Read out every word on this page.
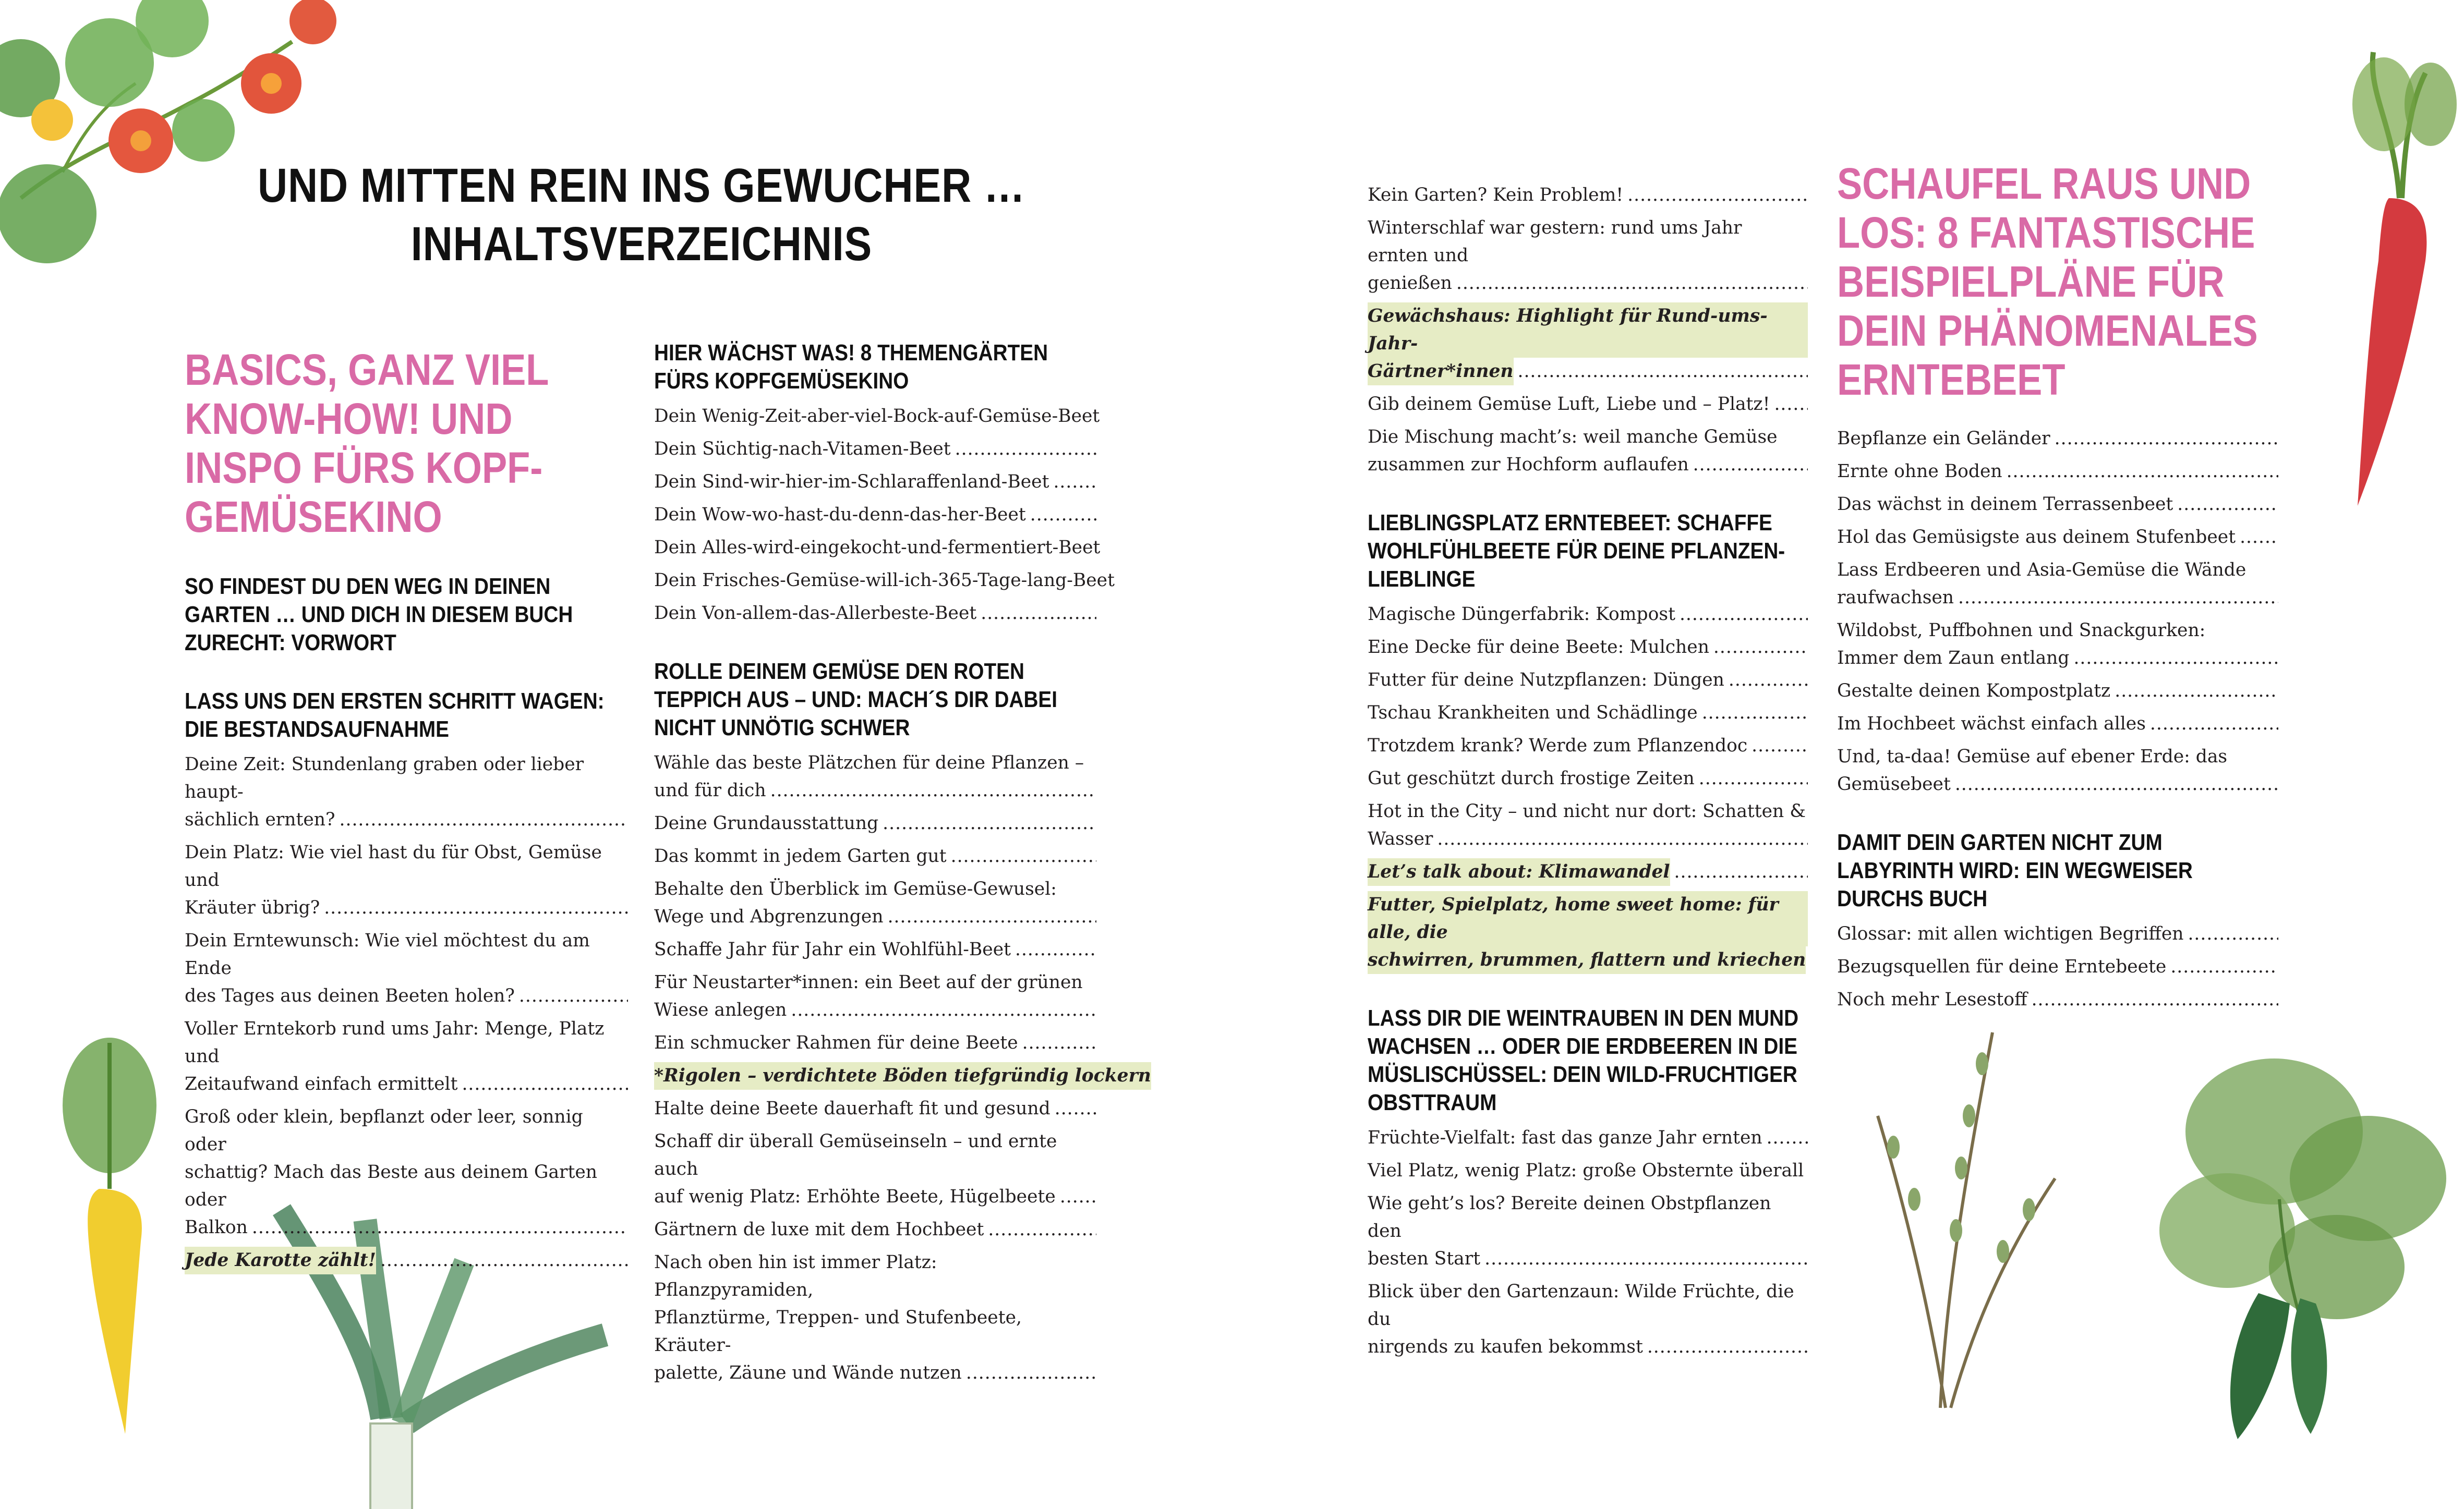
UND MITTEN REIN INS GEWUCHER …
INHALTSVERZEICHNIS
BASICS, GANZ VIEL KNOW-HOW! UND INSPO FÜRS KOPF-GEMÜSEKINO
SO FINDEST DU DEN WEG IN DEINEN GARTEN … UND DICH IN DIESEM BUCH ZURECHT: VORWORT
LASS UNS DEN ERSTEN SCHRITT WAGEN: DIE BESTANDSAUFNAHME
Deine Zeit: Stundenlang graben oder lieber haupt-
sächlich ernten?
.....
Dein Platz: Wie viel hast du für Obst, Gemüse und
Kräuter übrig?
.....
Dein Erntewunsch: Wie viel möchtest du am Ende
des Tages aus deinen Beeten holen?
.....
Voller Erntekorb rund ums Jahr: Menge, Platz und
Zeitaufwand einfach ermittelt
.....
Groß oder klein, bepflanzt oder leer, sonnig oder
schattig? Mach das Beste aus deinem Garten oder
Balkon
.....
Jede Karotte zählt!
.....
HIER WÄCHST WAS! 8 THEMENGÄRTEN FÜRS KOPFGEMÜSEKINO
Dein Wenig-Zeit-aber-viel-Bock-auf-Gemüse-Beet
Dein Süchtig-nach-Vitamen-Beet
.....
Dein Sind-wir-hier-im-Schlaraffenland-Beet
.....
Dein Wow-wo-hast-du-denn-das-her-Beet
.....
Dein Alles-wird-eingekocht-und-fermentiert-Beet
Dein Frisches-Gemüse-will-ich-365-Tage-lang-Beet
Dein Von-allem-das-Allerbeste-Beet
.....
ROLLE DEINEM GEMÜSE DEN ROTEN TEPPICH AUS – UND: MACH´S DIR DABEI NICHT UNNÖTIG SCHWER
Wähle das beste Plätzchen für deine Pflanzen –
und für dich
.....
Deine Grundausstattung
.....
Das kommt in jedem Garten gut
.....
Behalte den Überblick im Gemüse-Gewusel:
Wege und Abgrenzungen
.....
Schaffe Jahr für Jahr ein Wohlfühl-Beet
.....
Für Neustarter*innen: ein Beet auf der grünen
Wiese anlegen
.....
Ein schmucker Rahmen für deine Beete
.....
*Rigolen – verdichtete Böden tiefgründig lockern
Halte deine Beete dauerhaft fit und gesund
.....
Schaff dir überall Gemüseinseln – und ernte auch
auf wenig Platz: Erhöhte Beete, Hügelbeete
.....
Gärtnern de luxe mit dem Hochbeet
.....
Nach oben hin ist immer Platz: Pflanzpyramiden,
Pflanztürme, Treppen- und Stufenbeete, Kräuter-
palette, Zäune und Wände nutzen
.....
Kein Garten? Kein Problem!
.....
Winterschlaf war gestern: rund ums Jahr ernten und
genießen
.....
Gewächshaus: Highlight für Rund-ums-Jahr-
Gärtner*innen
.....
Gib deinem Gemüse Luft, Liebe und – Platz!
.....
Die Mischung macht’s: weil manche Gemüse
zusammen zur Hochform auflaufen
.....
LIEBLINGSPLATZ ERNTEBEET: SCHAFFE WOHLFÜHLBEETE FÜR DEINE PFLANZEN-LIEBLINGE
Magische Düngerfabrik: Kompost
.....
Eine Decke für deine Beete: Mulchen
.....
Futter für deine Nutzpflanzen: Düngen
.....
Tschau Krankheiten und Schädlinge
.....
Trotzdem krank? Werde zum Pflanzendoc
.....
Gut geschützt durch frostige Zeiten
.....
Hot in the City – und nicht nur dort: Schatten &
Wasser
.....
Let’s talk about: Klimawandel
.....
Futter, Spielplatz, home sweet home: für alle, die
schwirren, brummen, flattern und kriechen
LASS DIR DIE WEINTRAUBEN IN DEN MUND WACHSEN … ODER DIE ERDBEEREN IN DIE MÜSLISCHÜSSEL: DEIN WILD-FRUCHTIGER OBSTTRAUM
Früchte-Vielfalt: fast das ganze Jahr ernten
.....
Viel Platz, wenig Platz: große Obsternte überall
Wie geht’s los? Bereite deinen Obstpflanzen den
besten Start
.....
Blick über den Gartenzaun: Wilde Früchte, die du
nirgends zu kaufen bekommst
.....
SCHAUFEL RAUS UND LOS: 8 FANTASTISCHE BEISPIELPLÄNE FÜR DEIN PHÄNOMENALES ERNTEBEET
Bepflanze ein Geländer
.....
Ernte ohne Boden
.....
Das wächst in deinem Terrassenbeet
.....
Hol das Gemüsigste aus deinem Stufenbeet
.....
Lass Erdbeeren und Asia-Gemüse die Wände
raufwachsen
.....
Wildobst, Puffbohnen und Snackgurken:
Immer dem Zaun entlang
.....
Gestalte deinen Kompostplatz
.....
Im Hochbeet wächst einfach alles
.....
Und, ta-daa! Gemüse auf ebener Erde: das
Gemüsebeet
.....
DAMIT DEIN GARTEN NICHT ZUM LABYRINTH WIRD: EIN WEGWEISER DURCHS BUCH
Glossar: mit allen wichtigen Begriffen
.....
Bezugsquellen für deine Erntebeete
.....
Noch mehr Lesestoff
.....
